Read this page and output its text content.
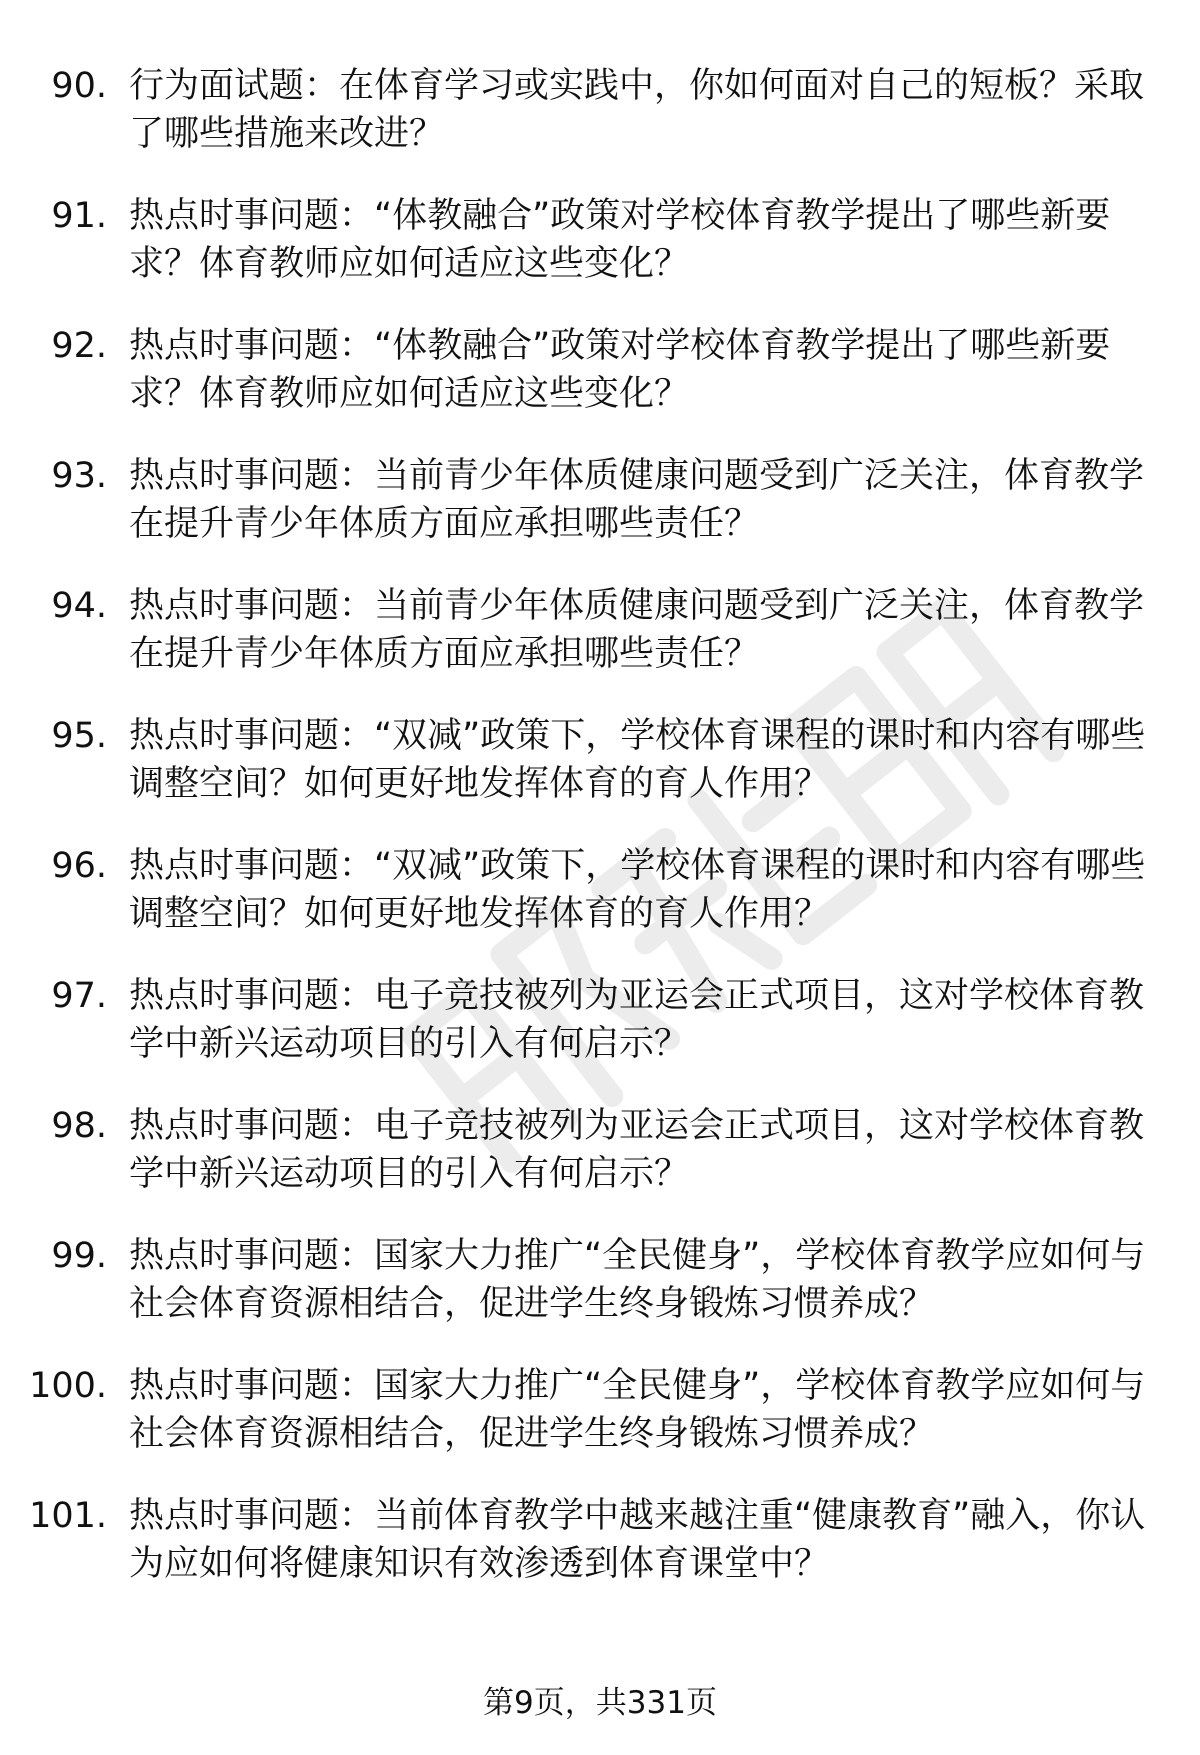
90. 行为面试题：在体育学习或实践中，你如何面对自己的短板？采取了哪些措施来改进？
91. 热点时事问题：“体教融合”政策对学校体育教学提出了哪些新要求？体育教师应如何适应这些变化？
92. 热点时事问题：“体教融合”政策对学校体育教学提出了哪些新要求？体育教师应如何适应这些变化？
93. 热点时事问题：当前青少年体质健康问题受到广泛关注，体育教学在提升青少年体质方面应承担哪些责任？
94. 热点时事问题：当前青少年体质健康问题受到广泛关注，体育教学在提升青少年体质方面应承担哪些责任？
95. 热点时事问题：“双减”政策下，学校体育课程的课时和内容有哪些调整空间？如何更好地发挥体育的育人作用？
96. 热点时事问题：“双减”政策下，学校体育课程的课时和内容有哪些调整空间？如何更好地发挥体育的育人作用？
97. 热点时事问题：电子竞技被列为亚运会正式项目，这对学校体育教学中新兴运动项目的引入有何启示？
98. 热点时事问题：电子竞技被列为亚运会正式项目，这对学校体育教学中新兴运动项目的引入有何启示？
99. 热点时事问题：国家大力推广“全民健身”，学校体育教学应如何与社会体育资源相结合，促进学生终身锻炼习惯养成？
100. 热点时事问题：国家大力推广“全民健身”，学校体育教学应如何与社会体育资源相结合，促进学生终身锻炼习惯养成？
101. 热点时事问题：当前体育教学中越来越注重“健康教育”融入，你认为应如何将健康知识有效渗透到体育课堂中？
第9页，共331页
